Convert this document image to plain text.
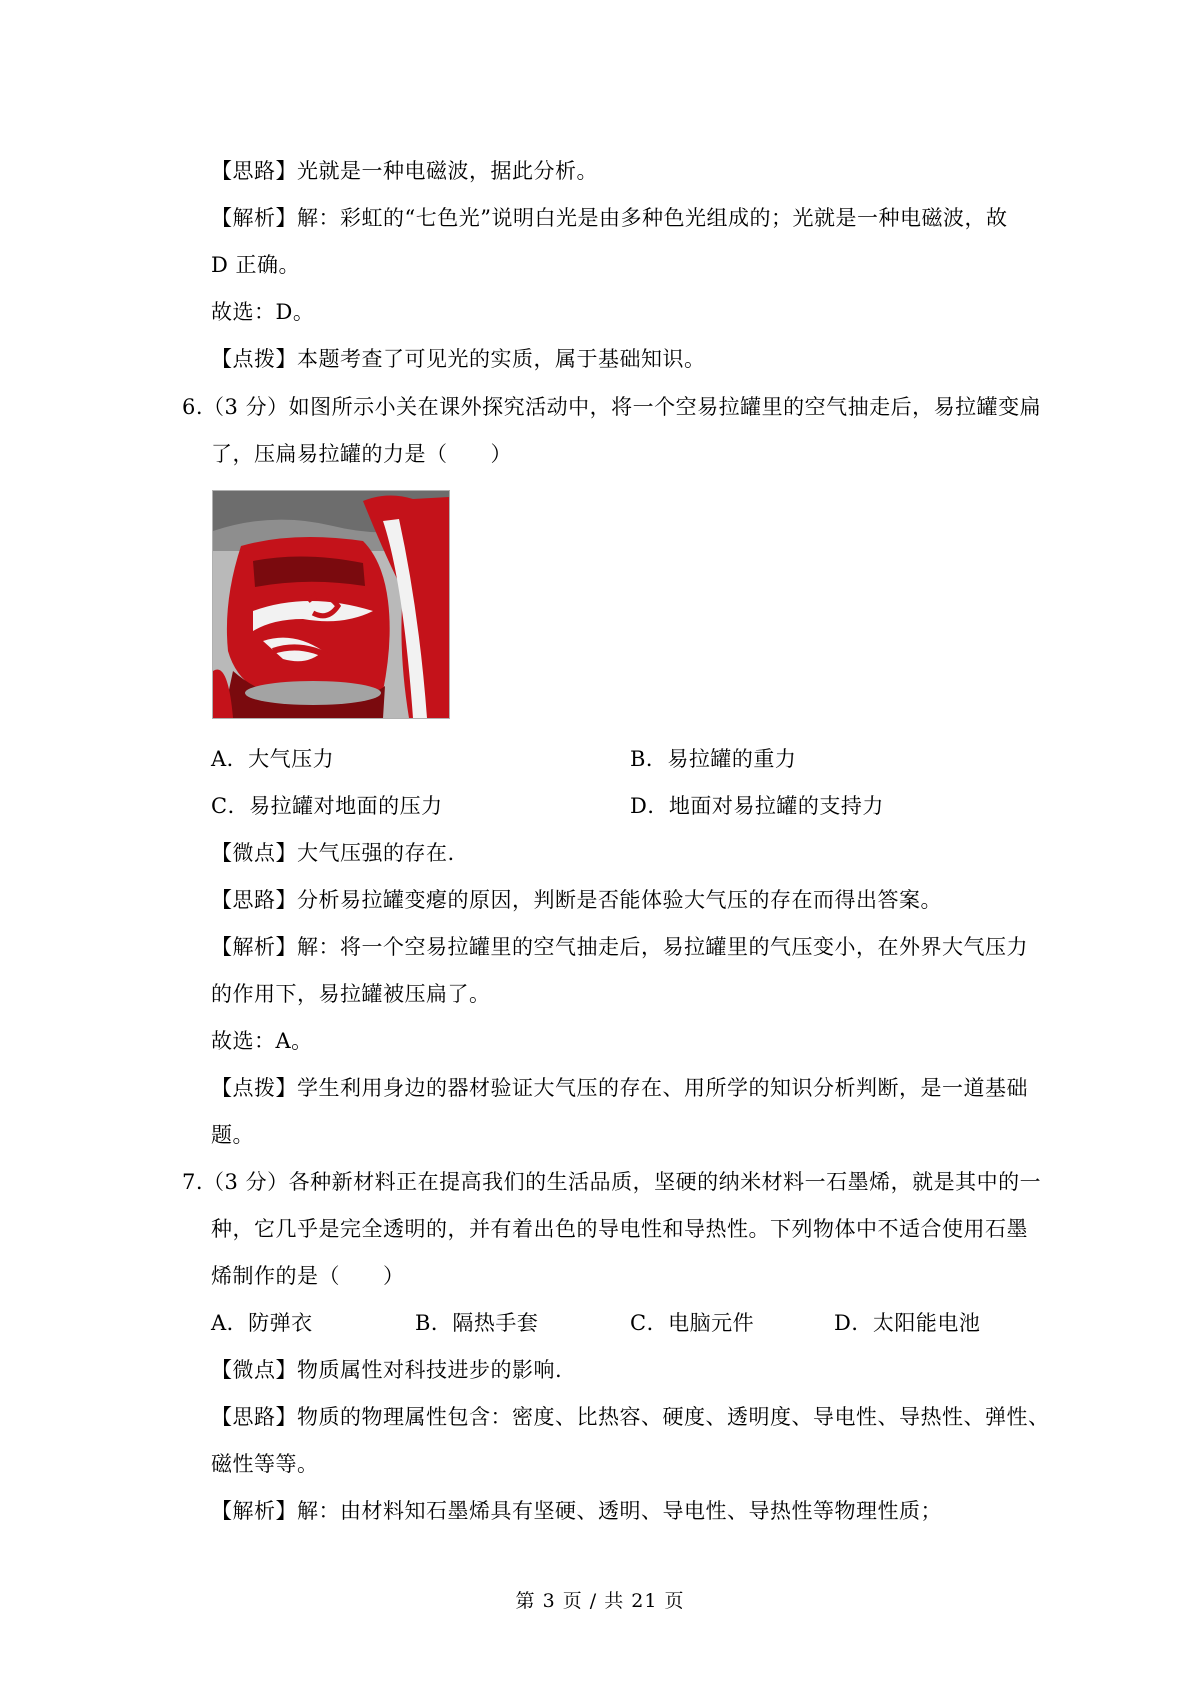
【思路】光就是一种电磁波，据此分析。
【解析】解：彩虹的“七色光”说明白光是由多种色光组成的；光就是一种电磁波，故
D 正确。
故选：D。
【点拨】本题考查了可见光的实质，属于基础知识。
6.（3 分）如图所示小关在课外探究活动中，将一个空易拉罐里的空气抽走后，易拉罐变扁
了，压扁易拉罐的力是（　　）
A．大气压力	B．易拉罐的重力
C．易拉罐对地面的压力	D．地面对易拉罐的支持力
【微点】大气压强的存在.
【思路】分析易拉罐变瘪的原因，判断是否能体验大气压的存在而得出答案。
【解析】解：将一个空易拉罐里的空气抽走后，易拉罐里的气压变小，在外界大气压力
的作用下，易拉罐被压扁了。
故选：A。
【点拨】学生利用身边的器材验证大气压的存在、用所学的知识分析判断，是一道基础
题。
7.（3 分）各种新材料正在提高我们的生活品质，坚硬的纳米材料一石墨烯，就是其中的一
种，它几乎是完全透明的，并有着出色的导电性和导热性。下列物体中不适合使用石墨
烯制作的是（　　）
A．防弹衣	B．隔热手套	C．电脑元件	D．太阳能电池
【微点】物质属性对科技进步的影响.
【思路】物质的物理属性包含：密度、比热容、硬度、透明度、导电性、导热性、弹性、
磁性等等。
【解析】解：由材料知石墨烯具有坚硬、透明、导电性、导热性等物理性质；
第 3 页 / 共 21 页
